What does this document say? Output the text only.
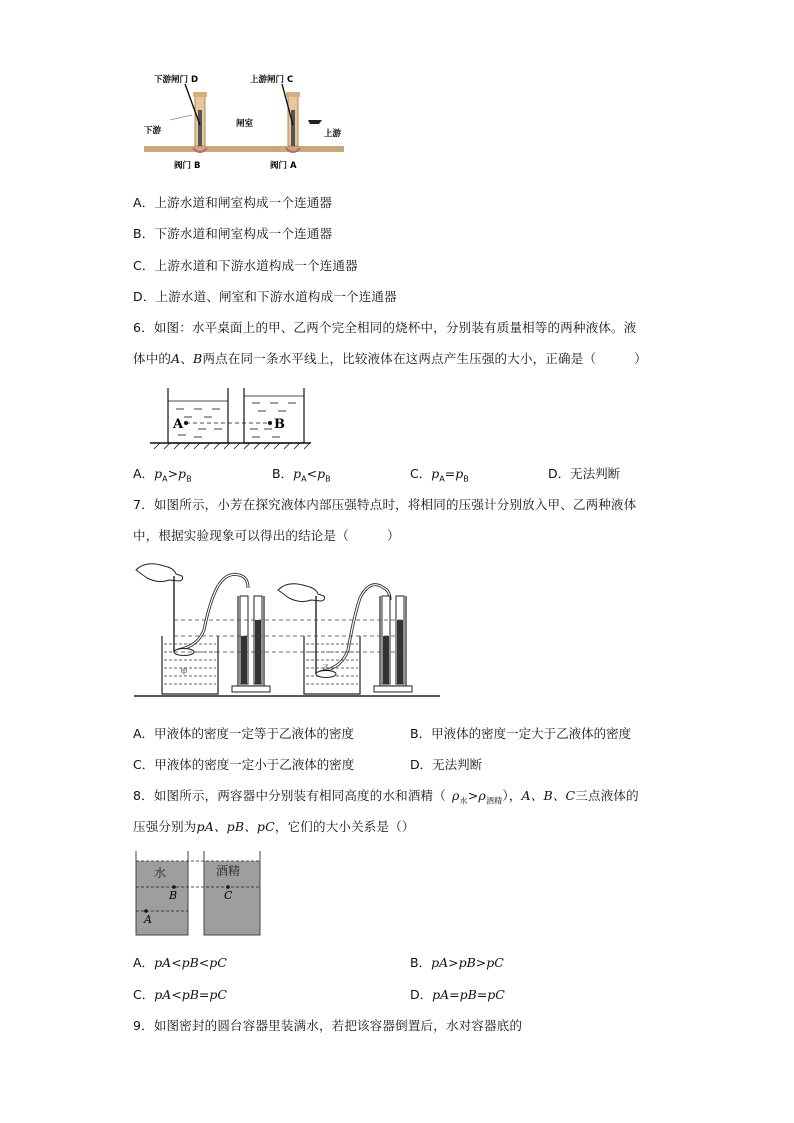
下游闸门 D	上游闸门 C
下游
闸室
上游
阀门 B	阀门 A
A．上游水道和闸室构成一个连通器
B．下游水道和闸室构成一个连通器
C．上游水道和下游水道构成一个连通器
D．上游水道、闸室和下游水道构成一个连通器
6．如图：水平桌面上的甲、乙两个完全相同的烧杯中，分别装有质量相等的两种液体。液
体中的A、B两点在同一条水平线上，比较液体在这两点产生压强的大小，正确是（　　　）
A	B
A．$p_A>p_B$	B．$p_A<p_B$	C．$p_A=p_B$	D．无法判断
7．如图所示，小芳在探究液体内部压强特点时，将相同的压强计分别放入甲、乙两种液体
中，根据实验现象可以得出的结论是（　　　）
甲	乙
A．甲液体的密度一定等于乙液体的密度	B．甲液体的密度一定大于乙液体的密度
C．甲液体的密度一定小于乙液体的密度	D．无法判断
8．如图所示，两容器中分别装有相同高度的水和酒精（ $\rho_水>\rho_{酒精}$），A、B、C三点液体的
压强分别为pA、pB、pC，它们的大小关系是（）
水	酒精
B	C
A
A．pA<pB<pC	B．pA>pB>pC
C．pA<pB=pC	D．pA=pB=pC
9．如图密封的圆台容器里装满水，若把该容器倒置后，水对容器底的
